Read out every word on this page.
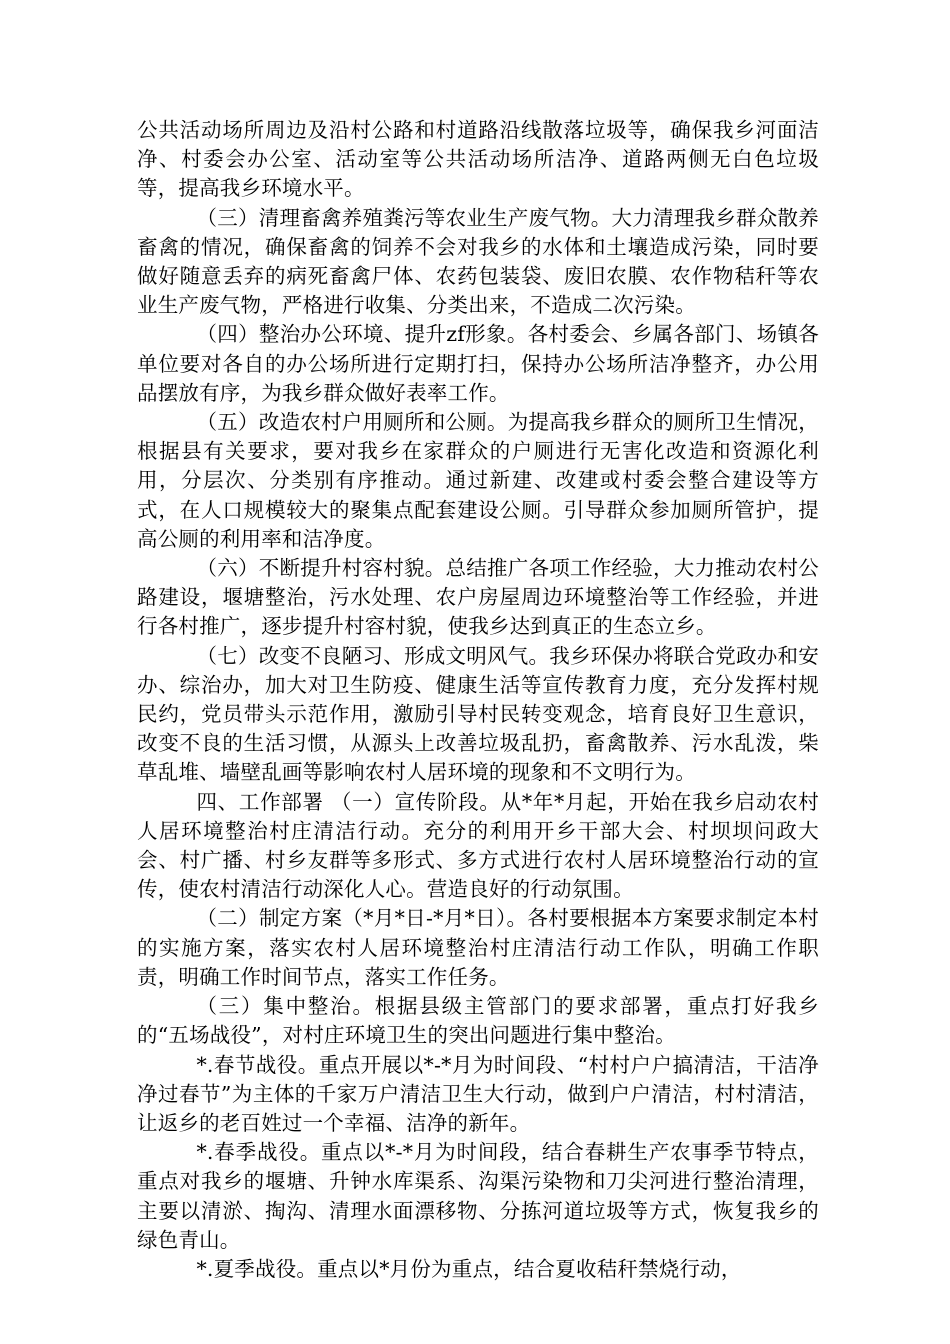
公共活动场所周边及沿村公路和村道路沿线散落垃圾等，确保我乡河面洁净、村委会办公室、活动室等公共活动场所洁净、道路两侧无白色垃圾等，提高我乡环境水平。

（三）清理畜禽养殖粪污等农业生产废气物。大力清理我乡群众散养畜禽的情况，确保畜禽的饲养不会对我乡的水体和土壤造成污染，同时要做好随意丢弃的病死畜禽尸体、农药包装袋、废旧农膜、农作物秸秆等农业生产废气物，严格进行收集、分类出来，不造成二次污染。

（四）整治办公环境、提升zf形象。各村委会、乡属各部门、场镇各单位要对各自的办公场所进行定期打扫，保持办公场所洁净整齐，办公用品摆放有序，为我乡群众做好表率工作。

（五）改造农村户用厕所和公厕。为提高我乡群众的厕所卫生情况，根据县有关要求，要对我乡在家群众的户厕进行无害化改造和资源化利用，分层次、分类别有序推动。通过新建、改建或村委会整合建设等方式，在人口规模较大的聚集点配套建设公厕。引导群众参加厕所管护，提高公厕的利用率和洁净度。

（六）不断提升村容村貌。总结推广各项工作经验，大力推动农村公路建设，堰塘整治，污水处理、农户房屋周边环境整治等工作经验，并进行各村推广，逐步提升村容村貌，使我乡达到真正的生态立乡。

（七）改变不良陋习、形成文明风气。我乡环保办将联合党政办和安办、综治办，加大对卫生防疫、健康生活等宣传教育力度，充分发挥村规民约，党员带头示范作用，激励引导村民转变观念，培育良好卫生意识，改变不良的生活习惯，从源头上改善垃圾乱扔，畜禽散养、污水乱泼，柴草乱堆、墙壁乱画等影响农村人居环境的现象和不文明行为。

四、工作部署 （一）宣传阶段。从*年*月起，开始在我乡启动农村人居环境整治村庄清洁行动。充分的利用开乡干部大会、村坝坝问政大会、村广播、村乡友群等多形式、多方式进行农村人居环境整治行动的宣传，使农村清洁行动深化人心。营造良好的行动氛围。

（二）制定方案（*月*日-*月*日）。各村要根据本方案要求制定本村的实施方案，落实农村人居环境整治村庄清洁行动工作队，明确工作职责，明确工作时间节点，落实工作任务。

（三）集中整治。根据县级主管部门的要求部署，重点打好我乡的“五场战役”，对村庄环境卫生的突出问题进行集中整治。

*.春节战役。重点开展以*-*月为时间段、“村村户户搞清洁，干洁净净过春节”为主体的千家万户清洁卫生大行动，做到户户清洁，村村清洁，让返乡的老百姓过一个幸福、洁净的新年。

*.春季战役。重点以*-*月为时间段，结合春耕生产农事季节特点，重点对我乡的堰塘、升钟水库渠系、沟渠污染物和刀尖河进行整治清理，主要以清淤、掏沟、清理水面漂移物、分拣河道垃圾等方式，恢复我乡的绿色青山。

*.夏季战役。重点以*月份为重点，结合夏收秸秆禁烧行动，
